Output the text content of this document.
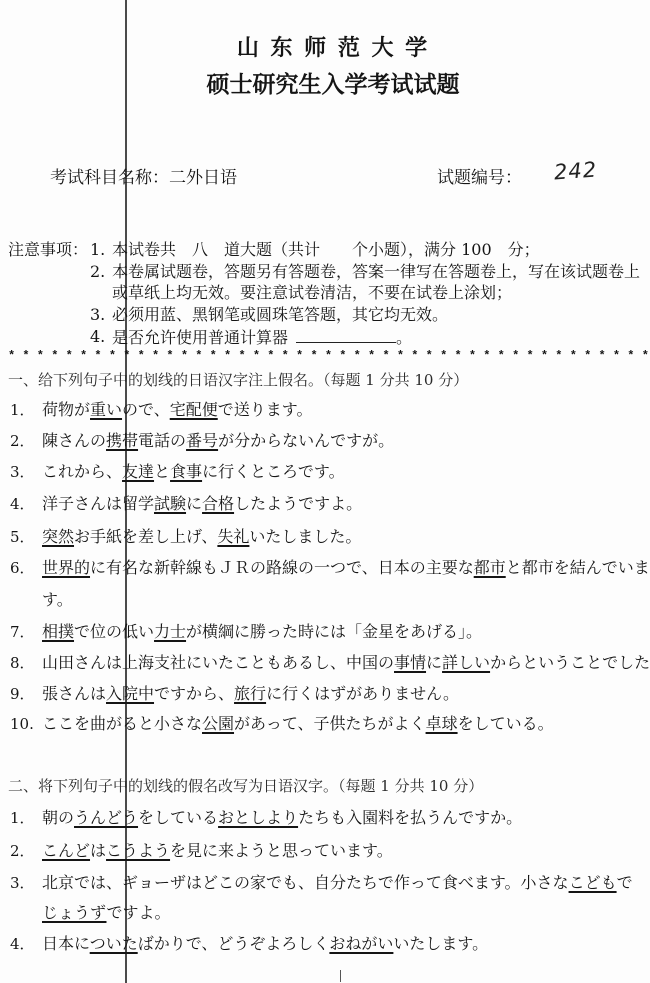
山 东 师 范 大 学
硕士研究生入学考试试题
考试科目名称：二外日语	试题编号： 242
注意事项： 1. 本试卷共　八　道大题（共计　　个小题），满分 100　分；
2. 本卷属试题卷，答题另有答题卷，答案一律写在答题卷上，写在该试题卷上
或草纸上均无效。要注意试卷清洁，不要在试卷上涂划；
3. 必须用蓝、黑钢笔或圆珠笔答题，其它均无效。
4. 是否允许使用普通计算器	。
* * * * * * * * * * * * * * * * * * * * * * * * * * * * * * * * * * * * * * * * * * * * *
一、给下列句子中的划线的日语汉字注上假名。（每题 1 分共 10 分）
1． 荷物が重いので、宅配便で送ります。
2． 陳さんの携帯電話の番号が分からないんですが。
3． これから、友達と食事に行くところです。
4． 洋子さんは留学試験に合格したようですよ。
5． 突然お手紙を差し上げ、失礼いたしました。
6． 世界的に有名な新幹線もＪＲの路線の一つで、日本の主要な都市と都市を結んでいま
す。
7． 相撲で位の低い力士が横綱に勝った時には「金星をあげる」。
8． 山田さんは上海支社にいたこともあるし、中国の事情に詳しいからということでした
9． 張さんは入院中ですから、旅行に行くはずがありません。
10. ここを曲がると小さな公園があって、子供たちがよく卓球をしている。
二、将下列句子中的划线的假名改写为日语汉字。（每题 1 分共 10 分）
1． 朝のうんどうをしているおとしよりたちも入園料を払うんですか。
2． こんどはこうようを見に来ようと思っています。
3． 北京では、ギョーザはどこの家でも、自分たちで作って食べます。小さなこどもで
じょうずですよ。
4． 日本についたばかりで、どうぞよろしくおねがいいたします。
